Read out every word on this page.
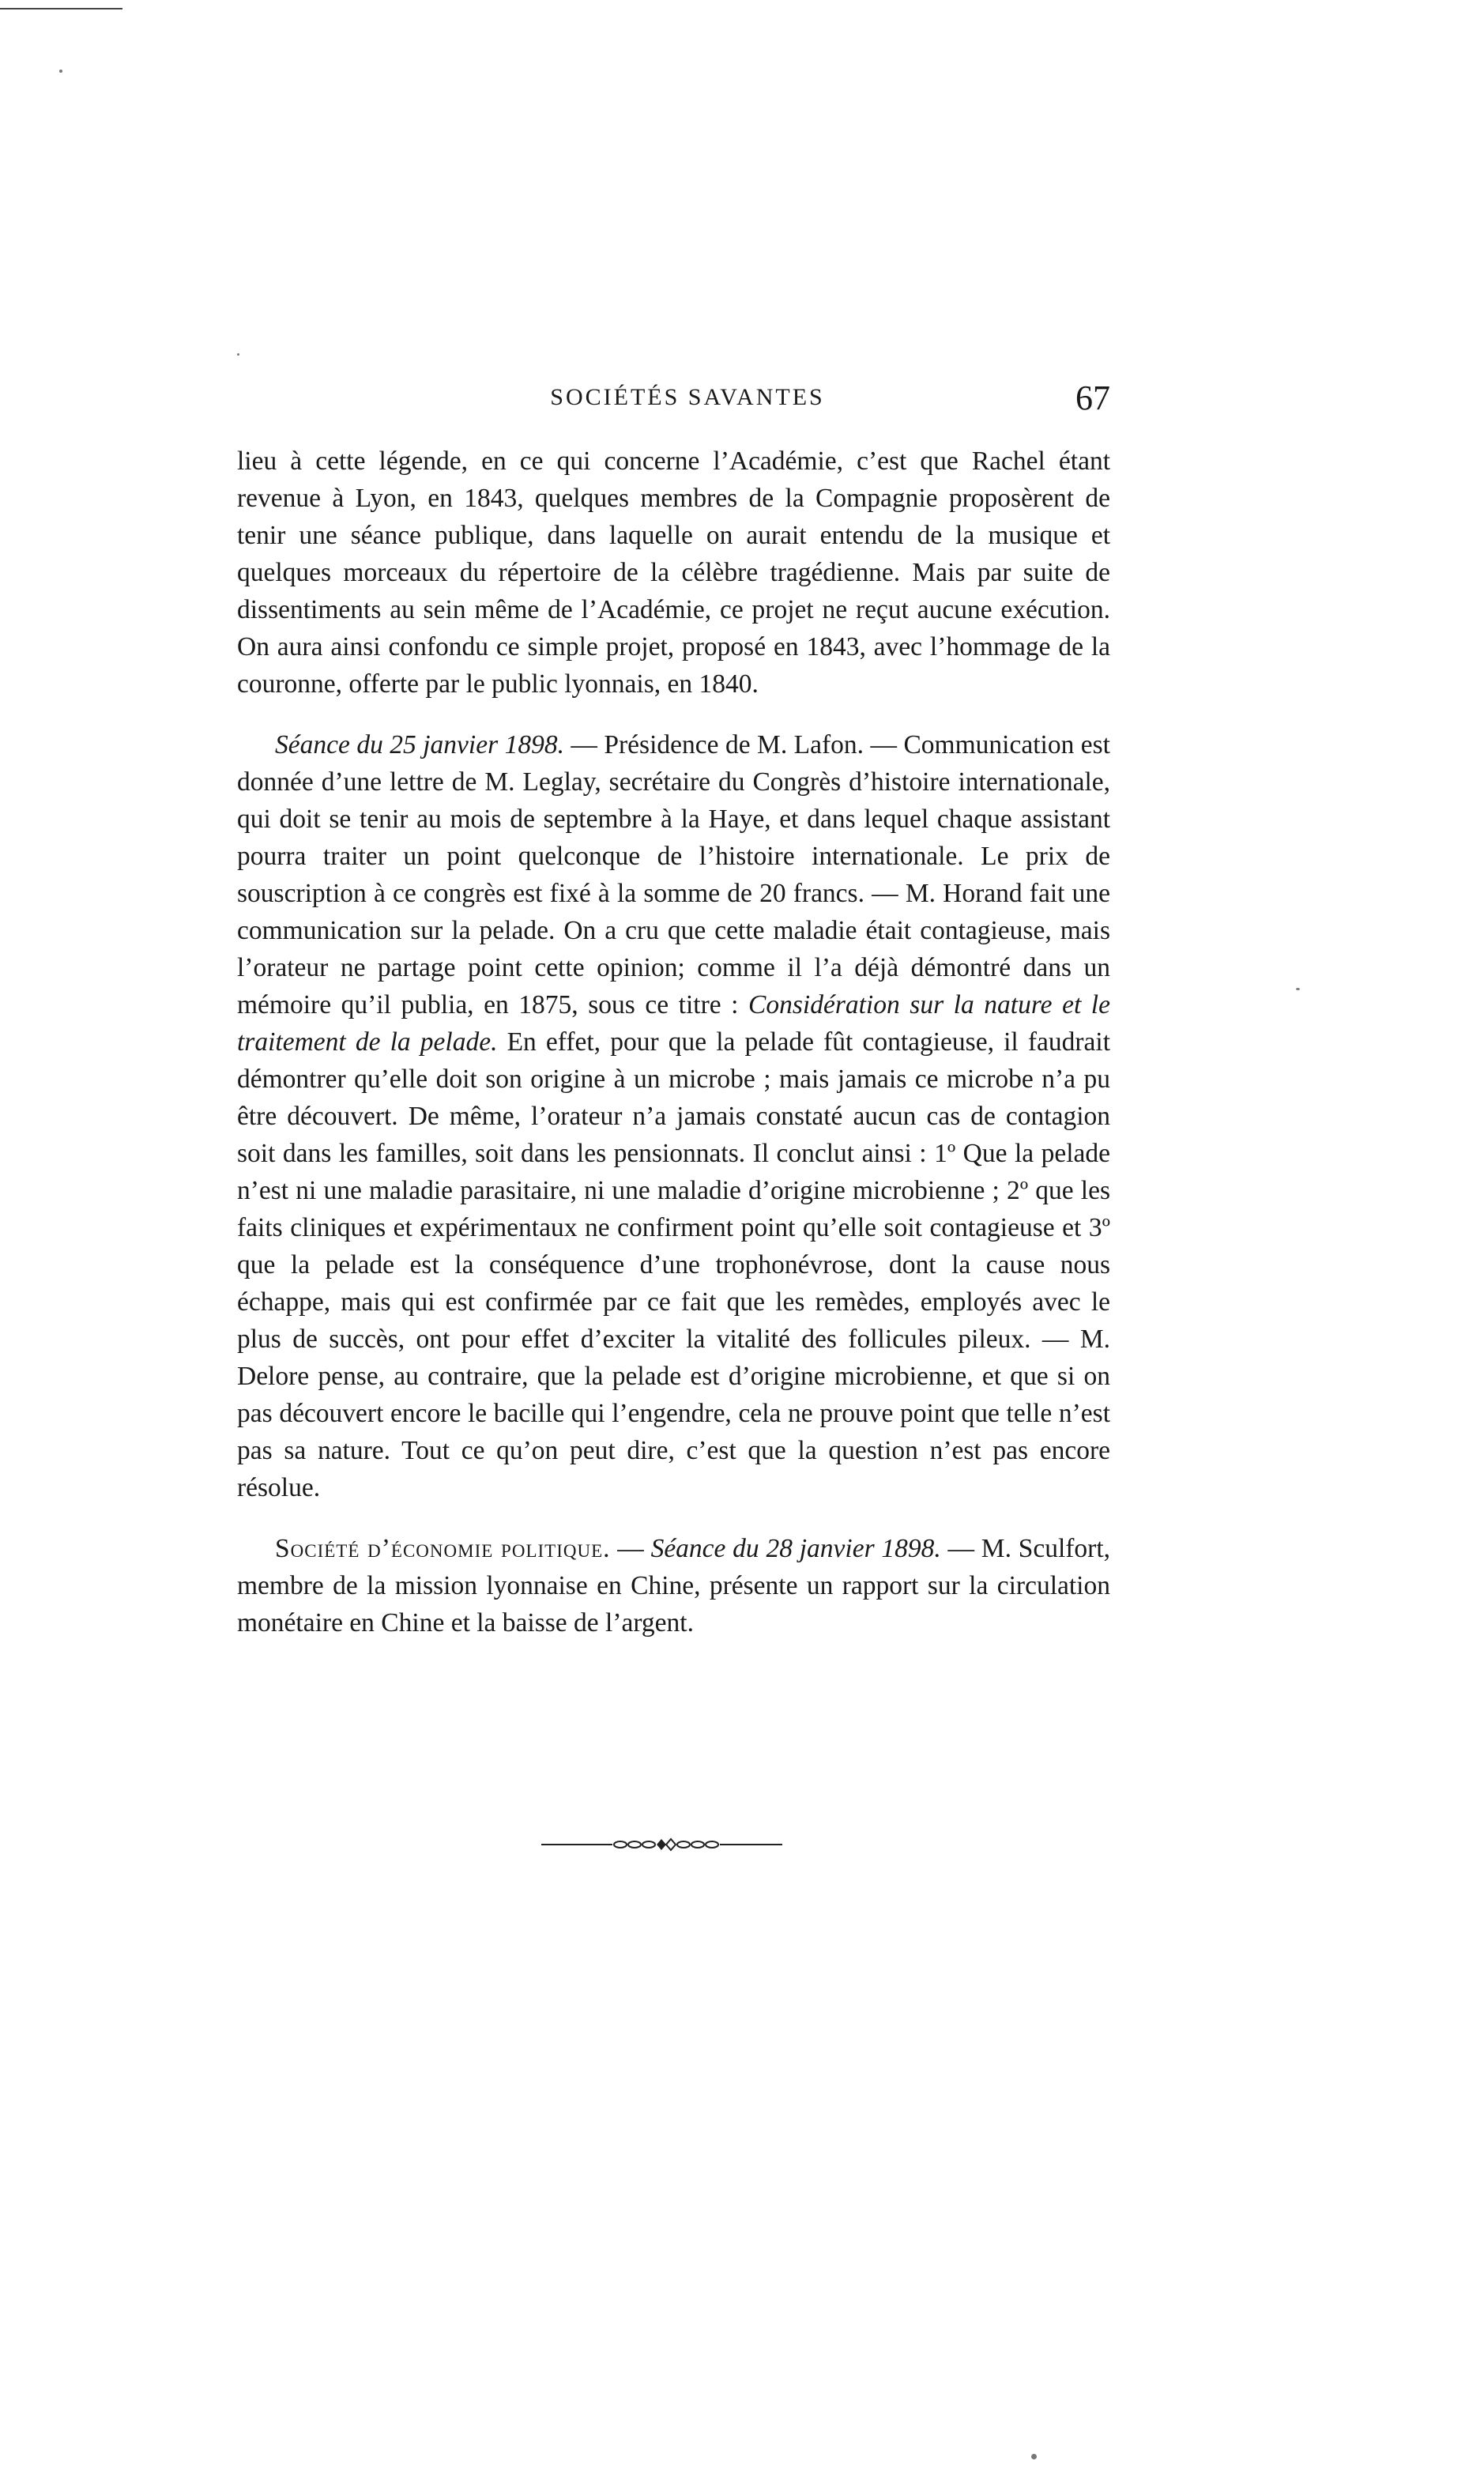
SOCIÉTÉS SAVANTES	67

lieu à cette légende, en ce qui concerne l’Académie, c’est que Rachel étant revenue à Lyon, en 1843, quelques membres de la Compagnie proposèrent de tenir une séance publique, dans laquelle on aurait entendu de la musique et quelques morceaux du répertoire de la célèbre tragédienne. Mais par suite de dissentiments au sein même de l’Académie, ce projet ne reçut aucune exécution. On aura ainsi confondu ce simple projet, proposé en 1843, avec l’hommage de la couronne, offerte par le public lyonnais, en 1840.

Séance du 25 janvier 1898. — Présidence de M. Lafon. — Communication est donnée d’une lettre de M. Leglay, secrétaire du Congrès d’histoire internationale, qui doit se tenir au mois de septembre à la Haye, et dans lequel chaque assistant pourra traiter un point quelconque de l’histoire internationale. Le prix de souscription à ce congrès est fixé à la somme de 20 francs. — M. Horand fait une communication sur la pelade. On a cru que cette maladie était contagieuse, mais l’orateur ne partage point cette opinion; comme il l’a déjà démontré dans un mémoire qu’il publia, en 1875, sous ce titre : Considération sur la nature et le traitement de la pelade. En effet, pour que la pelade fût contagieuse, il faudrait démontrer qu’elle doit son origine à un microbe ; mais jamais ce microbe n’a pu être découvert. De même, l’orateur n’a jamais constaté aucun cas de contagion soit dans les familles, soit dans les pensionnats. Il conclut ainsi : 1º Que la pelade n’est ni une maladie parasitaire, ni une maladie d’origine microbienne ; 2º que les faits cliniques et expérimentaux ne confirment point qu’elle soit contagieuse et 3º que la pelade est la conséquence d’une trophonévrose, dont la cause nous échappe, mais qui est confirmée par ce fait que les remèdes, employés avec le plus de succès, ont pour effet d’exciter la vitalité des follicules pileux. — M. Delore pense, au contraire, que la pelade est d’origine microbienne, et que si on pas découvert encore le bacille qui l’engendre, cela ne prouve point que telle n’est pas sa nature. Tout ce qu’on peut dire, c’est que la question n’est pas encore résolue.

Société d’économie politique. — Séance du 28 janvier 1898. — M. Sculfort, membre de la mission lyonnaise en Chine, présente un rapport sur la circulation monétaire en Chine et la baisse de l’argent.
